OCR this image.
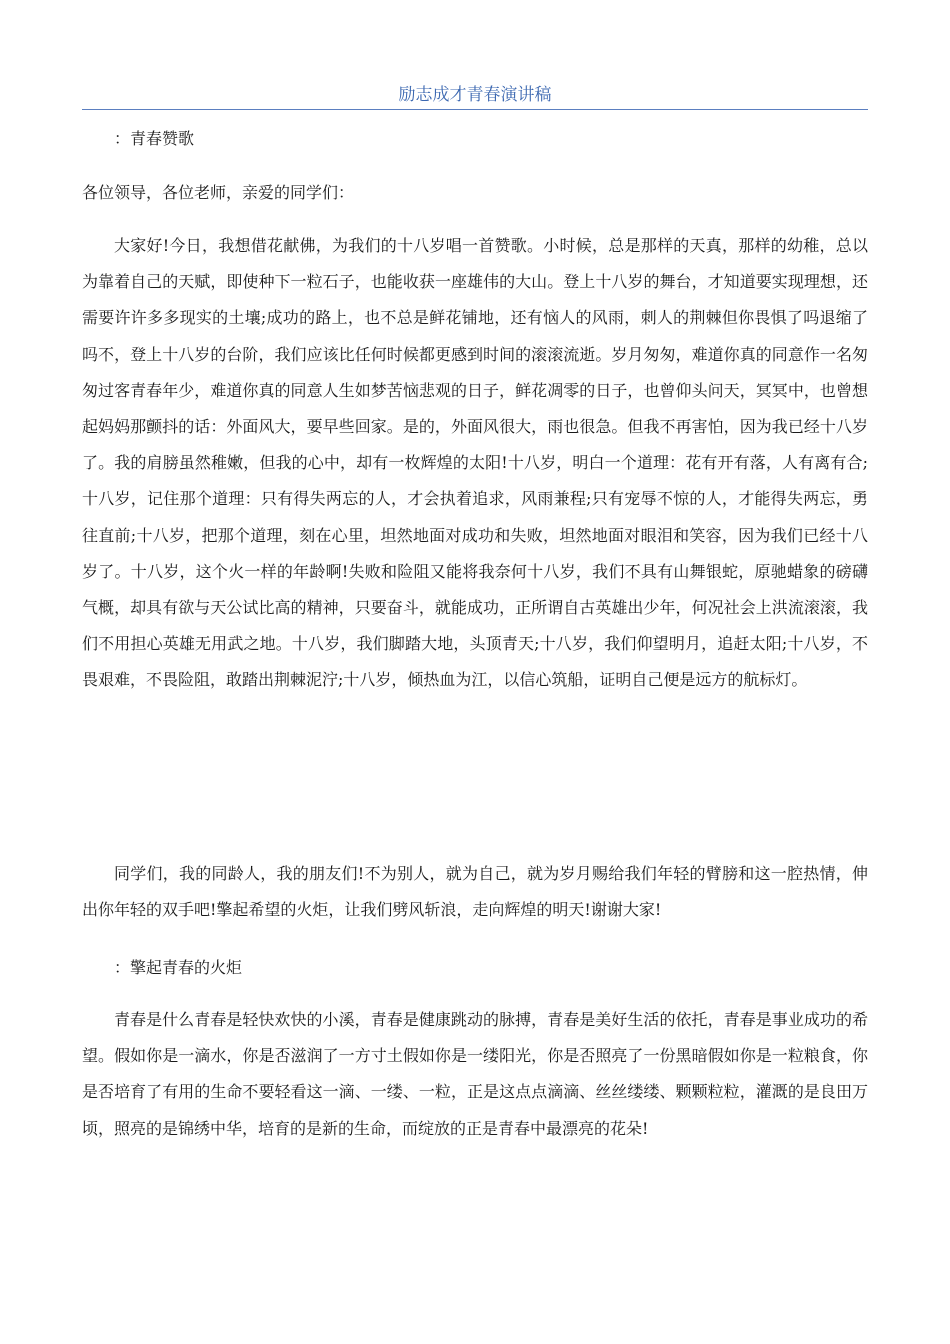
励志成才青春演讲稿
：青春赞歌
各位领导，各位老师，亲爱的同学们：

大家好!今日，我想借花献佛，为我们的十八岁唱一首赞歌。小时候，总是那样的天真，那样的幼稚，总以为靠着自己的天赋，即使种下一粒石子，也能收获一座雄伟的大山。登上十八岁的舞台，才知道要实现理想，还需要许许多多现实的土壤;成功的路上，也不总是鲜花铺地，还有恼人的风雨，刺人的荆棘但你畏惧了吗退缩了吗不，登上十八岁的台阶，我们应该比任何时候都更感到时间的滚滚流逝。岁月匆匆，难道你真的同意作一名匆匆过客青春年少，难道你真的同意人生如梦苦恼悲观的日子，鲜花凋零的日子，也曾仰头问天，冥冥中，也曾想起妈妈那颤抖的话：外面风大，要早些回家。是的，外面风很大，雨也很急。但我不再害怕，因为我已经十八岁了。我的肩膀虽然稚嫩，但我的心中，却有一枚辉煌的太阳!十八岁，明白一个道理：花有开有落，人有离有合;十八岁，记住那个道理：只有得失两忘的人，才会执着追求，风雨兼程;只有宠辱不惊的人，才能得失两忘，勇往直前;十八岁，把那个道理，刻在心里，坦然地面对成功和失败，坦然地面对眼泪和笑容，因为我们已经十八岁了。十八岁，这个火一样的年龄啊!失败和险阻又能将我奈何十八岁，我们不具有山舞银蛇，原驰蜡象的磅礴气概，却具有欲与天公试比高的精神，只要奋斗，就能成功，正所谓自古英雄出少年，何况社会上洪流滚滚，我们不用担心英雄无用武之地。十八岁，我们脚踏大地，头顶青天;十八岁，我们仰望明月，追赶太阳;十八岁，不畏艰难，不畏险阻，敢踏出荆棘泥泞;十八岁，倾热血为江，以信心筑船，证明自己便是远方的航标灯。

同学们，我的同龄人，我的朋友们!不为别人，就为自己，就为岁月赐给我们年轻的臂膀和这一腔热情，伸出你年轻的双手吧!擎起希望的火炬，让我们劈风斩浪，走向辉煌的明天!谢谢大家!

：擎起青春的火炬

青春是什么青春是轻快欢快的小溪，青春是健康跳动的脉搏，青春是美好生活的依托，青春是事业成功的希望。假如你是一滴水，你是否滋润了一方寸土假如你是一缕阳光，你是否照亮了一份黑暗假如你是一粒粮食，你是否培育了有用的生命不要轻看这一滴、一缕、一粒，正是这点点滴滴、丝丝缕缕、颗颗粒粒，灌溉的是良田万顷，照亮的是锦绣中华，培育的是新的生命，而绽放的正是青春中最漂亮的花朵!
